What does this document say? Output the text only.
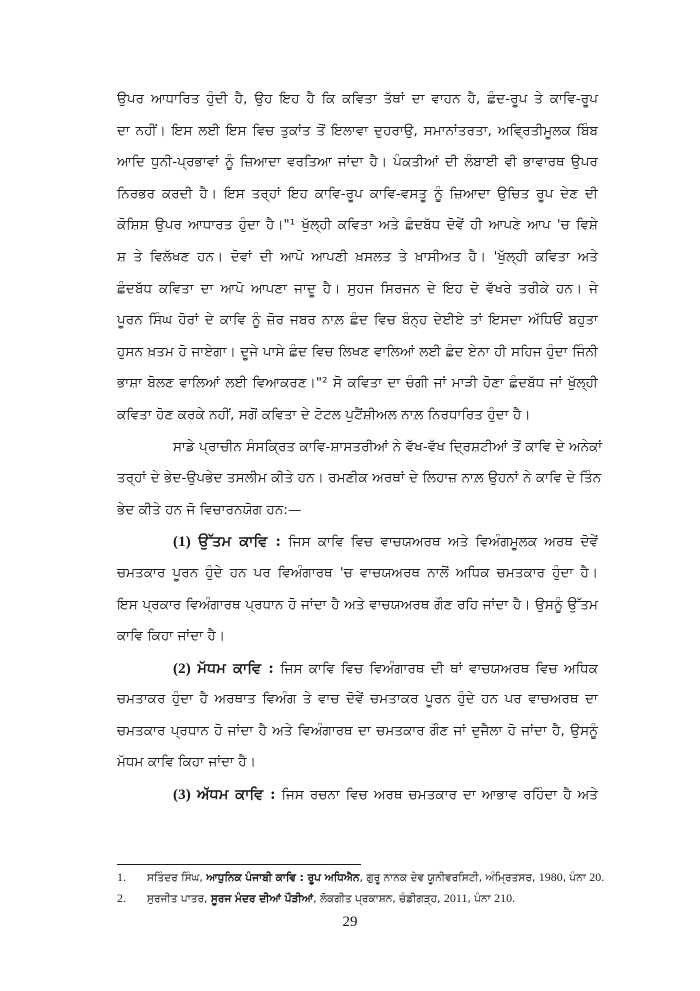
ਉਪਰ ਆਧਾਰਿਤ ਹੁੰਦੀ ਹੈ, ਉਹ ਇਹ ਹੈ ਕਿ ਕਵਿਤਾ ਤੱਥਾਂ ਦਾ ਵਾਹਨ ਹੈ, ਛੰਦ-ਰੂਪ ਤੇ ਕਾਵਿ-ਰੂਪ
ਦਾ ਨਹੀਂ। ਇਸ ਲਈ ਇਸ ਵਿਚ ਤੁਕਾਂਤ ਤੋਂ ਇਲਾਵਾ ਦੁਹਰਾਉ, ਸਮਾਨਾਂਤਰਤਾ, ਅਵ੍ਰਿਤੀਮੂਲਕ ਬਿੰਬ
ਆਦਿ ਧੁਨੀ-ਪ੍ਰਭਾਵਾਂ ਨੂੰ ਜ਼ਿਆਦਾ ਵਰਤਿਆ ਜਾਂਦਾ ਹੈ। ਪੰਕਤੀਆਂ ਦੀ ਲੰਬਾਈ ਵੀ ਭਾਵਾਰਥ ਉਪਰ
ਨਿਰਭਰ ਕਰਦੀ ਹੈ। ਇਸ ਤਰ੍ਹਾਂ ਇਹ ਕਾਵਿ-ਰੂਪ ਕਾਵਿ-ਵਸਤੂ ਨੂੰ ਜ਼ਿਆਦਾ ਉਚਿਤ ਰੂਪ ਦੇਣ ਦੀ
ਕੋਸ਼ਿਸ਼ ਉਪਰ ਆਧਾਰਤ ਹੁੰਦਾ ਹੈ।"¹ ਖੁੱਲ੍ਹੀ ਕਵਿਤਾ ਅਤੇ ਛੰਦਬੱਧ ਦੋਵੇਂ ਹੀ ਆਪਣੇ ਆਪ 'ਚ ਵਿਸ਼ੇ
ਸ਼ ਤੇ ਵਿਲੱਖਣ ਹਨ। ਦੋਵਾਂ ਦੀ ਆਪੋ ਆਪਣੀ ਖ਼ਸਲਤ ਤੇ ਖ਼ਾਸੀਅਤ ਹੈ। 'ਖੁੱਲ੍ਹੀ ਕਵਿਤਾ ਅਤੇ
ਛੰਦਬੱਧ ਕਵਿਤਾ ਦਾ ਆਪੋ ਆਪਣਾ ਜਾਦੂ ਹੈ। ਸੁਹਜ ਸਿਰਜਨ ਦੇ ਇਹ ਦੋ ਵੱਖਰੇ ਤਰੀਕੇ ਹਨ। ਜੇ
ਪੂਰਨ ਸਿੰਘ ਹੋਰਾਂ ਦੇ ਕਾਵਿ ਨੂੰ ਜ਼ੋਰ ਜਬਰ ਨਾਲ਼ ਛੰਦ ਵਿਚ ਬੰਨ੍ਹ ਦੇਈਏ ਤਾਂ ਇਸਦਾ ਅੱਧਿਓਂ ਬਹੁਤਾ
ਹੁਸਨ ਖ਼ਤਮ ਹੋ ਜਾਏਗਾ। ਦੂਜੇ ਪਾਸੇ ਛੰਦ ਵਿਚ ਲਿਖਣ ਵਾਲਿਆਂ ਲਈ ਛੰਦ ਏਨਾ ਹੀ ਸਹਿਜ ਹੁੰਦਾ ਜਿੰਨੀ
ਭਾਸ਼ਾ ਬੋਲਣ ਵਾਲਿਆਂ ਲਈ ਵਿਆਕਰਣ।"² ਸੋ ਕਵਿਤਾ ਦਾ ਚੰਗੀ ਜਾਂ ਮਾੜੀ ਹੋਣਾ ਛੰਦਬੱਧ ਜਾਂ ਖੁੱਲ੍ਹੀ
ਕਵਿਤਾ ਹੋਣ ਕਰਕੇ ਨਹੀਂ, ਸਗੋਂ ਕਵਿਤਾ ਦੇ ਟੋਟਲ ਪੁਟੈਂਸ਼ੀਅਲ ਨਾਲ਼ ਨਿਰਧਾਰਿਤ ਹੁੰਦਾ ਹੈ।
ਸਾਡੇ ਪ੍ਰਾਚੀਨ ਸੰਸਕ੍ਰਿਤ ਕਾਵਿ-ਸ਼ਾਸਤਰੀਆਂ ਨੇ ਵੱਖ-ਵੱਖ ਦ੍ਰਿਸ਼ਟੀਆਂ ਤੋਂ ਕਾਵਿ ਦੇ ਅਨੇਕਾਂ
ਤਰ੍ਹਾਂ ਦੇ ਭੇਦ-ਉਪਭੇਦ ਤਸਲੀਮ ਕੀਤੇ ਹਨ। ਰਮਣੀਕ ਅਰਥਾਂ ਦੇ ਲਿਹਾਜ਼ ਨਾਲ਼ ਉਹਨਾਂ ਨੇ ਕਾਵਿ ਦੇ ਤਿੰਨ
ਭੇਦ ਕੀਤੇ ਹਨ ਜੋ ਵਿਚਾਰਨਯੋਗ ਹਨ:—
(1) ਉੱਤਮ ਕਾਵਿ : ਜਿਸ ਕਾਵਿ ਵਿਚ ਵਾਚਯਅਰਥ ਅਤੇ ਵਿਅੰਗਮੂਲਕ ਅਰਥ ਦੋਵੇਂ
ਚਮਤਕਾਰ ਪੂਰਨ ਹੁੰਦੇ ਹਨ ਪਰ ਵਿਅੰਗਾਰਥ 'ਚ ਵਾਚਯਅਰਥ ਨਾਲੋਂ ਅਧਿਕ ਚਮਤਕਾਰ ਹੁੰਦਾ ਹੈ।
ਇਸ ਪ੍ਰਕਾਰ ਵਿਅੰਗਾਰਥ ਪ੍ਰਧਾਨ ਹੋ ਜਾਂਦਾ ਹੈ ਅਤੇ ਵਾਚਯਅਰਥ ਗੌਣ ਰਹਿ ਜਾਂਦਾ ਹੈ। ਉਸਨੂੰ ਉੱਤਮ
ਕਾਵਿ ਕਿਹਾ ਜਾਂਦਾ ਹੈ।
(2) ਮੱਧਮ ਕਾਵਿ : ਜਿਸ ਕਾਵਿ ਵਿਚ ਵਿਅੰਗਾਰਥ ਦੀ ਥਾਂ ਵਾਚਯਅਰਥ ਵਿਚ ਅਧਿਕ
ਚਮਤਾਕਰ ਹੁੰਦਾ ਹੈ ਅਰਥਾਤ ਵਿਅੰਗ ਤੇ ਵਾਚ ਦੋਵੇਂ ਚਮਤਾਕਰ ਪੂਰਨ ਹੁੰਦੇ ਹਨ ਪਰ ਵਾਚਅਰਥ ਦਾ
ਚਮਤਕਾਰ ਪ੍ਰਧਾਨ ਹੋ ਜਾਂਦਾ ਹੈ ਅਤੇ ਵਿਅੰਗਾਰਥ ਦਾ ਚਮਤਕਾਰ ਗੌਣ ਜਾਂ ਦੁਜੈਲਾ ਹੋ ਜਾਂਦਾ ਹੈ, ਉਸਨੂੰ
ਮੱਧਮ ਕਾਵਿ ਕਿਹਾ ਜਾਂਦਾ ਹੈ।
(3) ਅੱਧਮ ਕਾਵਿ : ਜਿਸ ਰਚਨਾ ਵਿਚ ਅਰਥ ਚਮਤਕਾਰ ਦਾ ਆਭਾਵ ਰਹਿੰਦਾ ਹੈ ਅਤੇ
1. ਸਤਿੰਦਰ ਸਿੰਘ, ਆਧੁਨਿਕ ਪੰਜਾਬੀ ਕਾਵਿ : ਰੂਪ ਅਧਿਐਨ, ਗੁਰੂ ਨਾਨਕ ਦੇਵ ਯੂਨੀਵਰਸਿਟੀ, ਅੰਮ੍ਰਿਤਸਰ, 1980, ਪੰਨਾ 20.
2. ਸੁਰਜੀਤ ਪਾਤਰ, ਸੂਰਜ ਮੰਦਰ ਦੀਆਂ ਪੌੜੀਆਂ, ਲੋਕਗੀਤ ਪ੍ਰਕਾਸ਼ਨ, ਚੰਡੀਗੜ੍ਹ, 2011, ਪੰਨਾ 210.
29
